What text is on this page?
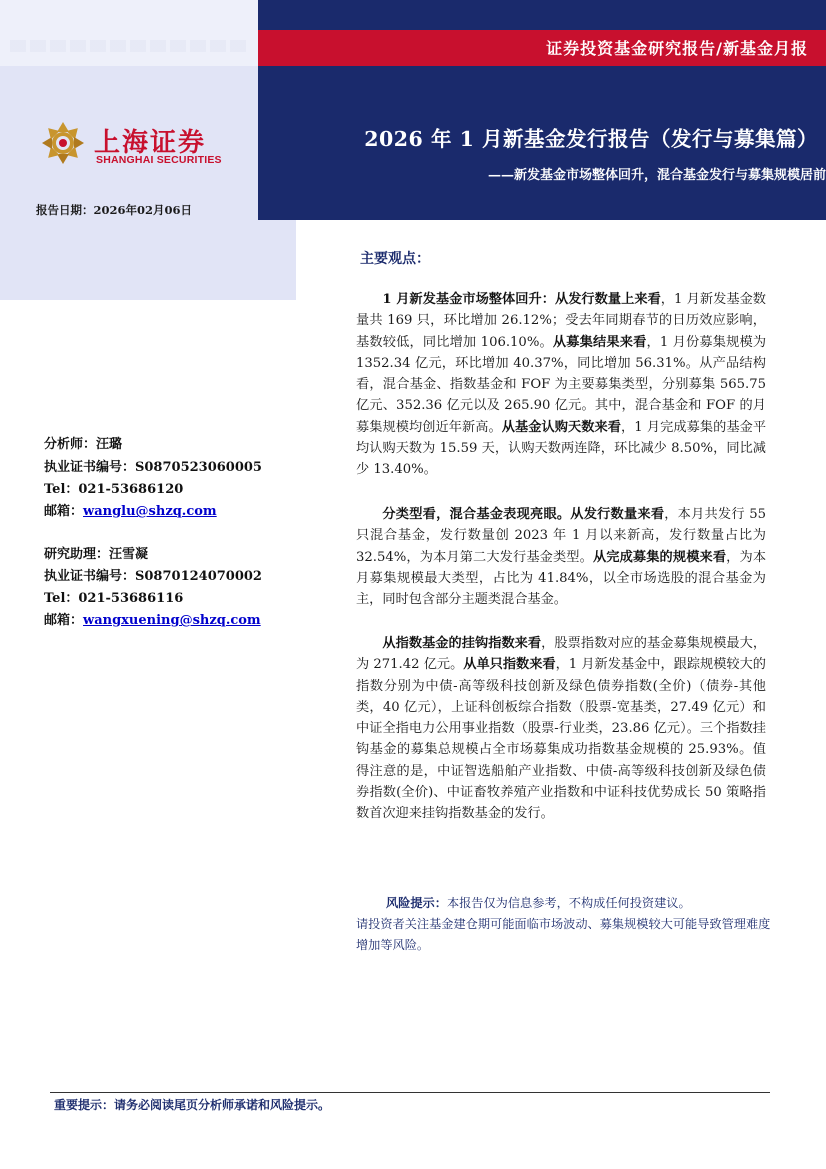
证券投资基金研究报告/新基金月报
2026 年 1 月新基金发行报告（发行与募集篇）
——新发基金市场整体回升，混合基金发行与募集规模居前
上海证券
SHANGHAI SECURITIES
报告日期：2026年02月06日
分析师：汪璐
执业证书编号：S0870523060005
Tel：021-53686120
邮箱：wanglu@shzq.com
研究助理：汪雪凝
执业证书编号：S0870124070002
Tel：021-53686116
邮箱：wangxuening@shzq.com
主要观点：

1 月新发基金市场整体回升：从发行数量上来看，1 月新发基金数量共 169 只，环比增加 26.12%；受去年同期春节的日历效应影响，基数较低，同比增加 106.10%。从募集结果来看，1 月份募集规模为 1352.34 亿元，环比增加 40.37%，同比增加 56.31%。从产品结构看，混合基金、指数基金和 FOF 为主要募集类型，分别募集 565.75 亿元、352.36 亿元以及 265.90 亿元。其中，混合基金和 FOF 的月募集规模均创近年新高。从基金认购天数来看，1 月完成募集的基金平均认购天数为 15.59 天，认购天数两连降，环比减少 8.50%，同比减少 13.40%。

分类型看，混合基金表现亮眼。从发行数量来看，本月共发行 55 只混合基金，发行数量创 2023 年 1 月以来新高，发行数量占比为 32.54%，为本月第二大发行基金类型。从完成募集的规模来看，为本月募集规模最大类型，占比为 41.84%，以全市场选股的混合基金为主，同时包含部分主题类混合基金。

从指数基金的挂钩指数来看，股票指数对应的基金募集规模最大，为 271.42 亿元。从单只指数来看，1 月新发基金中，跟踪规模较大的指数分别为中债-高等级科技创新及绿色债券指数(全价)（债券-其他类，40 亿元），上证科创板综合指数（股票-宽基类，27.49 亿元）和中证全指电力公用事业指数（股票-行业类，23.86 亿元）。三个指数挂钩基金的募集总规模占全市场募集成功指数基金规模的 25.93%。值得注意的是，中证智选船舶产业指数、中债-高等级科技创新及绿色债券指数(全价)、中证畜牧养殖产业指数和中证科技优势成长 50 策略指数首次迎来挂钩指数基金的发行。

风险提示：本报告仅为信息参考，不构成任何投资建议。
请投资者关注基金建仓期可能面临市场波动、募集规模较大可能导致管理难度增加等风险。
重要提示：请务必阅读尾页分析师承诺和风险提示。
